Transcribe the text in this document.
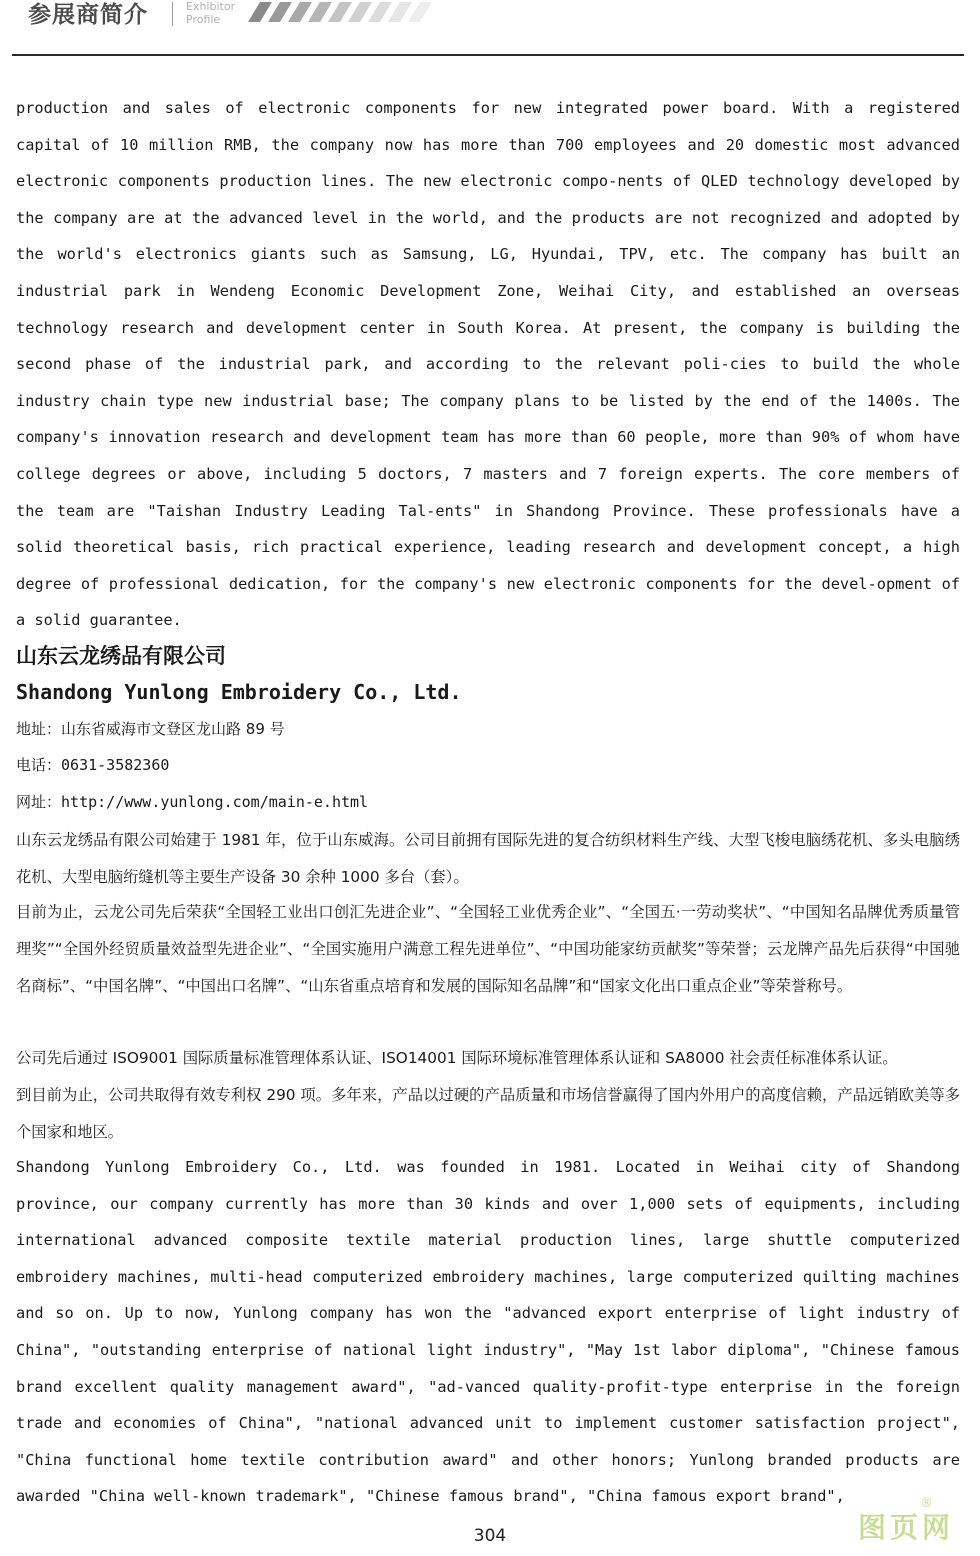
参展商简介	Exhibitor
Profile

production and sales of electronic components for new integrated power board. With a registered capital of 10 million RMB, the company now has more than 700 employees and 20 domestic most advanced electronic components production lines. The new electronic compo-nents of QLED technology developed by the company are at the advanced level in the world, and the products are not recognized and adopted by the world's electronics giants such as Samsung, LG, Hyundai, TPV, etc. The company has built an industrial park in Wendeng Economic Development Zone, Weihai City, and established an overseas technology research and development center in South Korea. At present, the company is building the second phase of the industrial park, and according to the relevant poli-cies to build the whole industry chain type new industrial base; The company plans to be listed by the end of the 1400s. The company's innovation research and development team has more than 60 people, more than 90% of whom have college degrees or above, including 5 doctors, 7 masters and 7 foreign experts. The core members of the team are "Taishan Industry Leading Tal-ents" in Shandong Province. These professionals have a solid theoretical basis, rich practical experience, leading research and development concept, a high degree of professional dedication, for the company's new electronic components for the devel-opment of a solid guarantee.

山东云龙绣品有限公司
Shandong Yunlong Embroidery Co., Ltd.

地址：山东省威海市文登区龙山路 89 号

电话：0631-3582360

网址：http://www.yunlong.com/main-e.html

山东云龙绣品有限公司始建于 1981 年，位于山东威海。公司目前拥有国际先进的复合纺织材料生产线、大型飞梭电脑绣花机、多头电脑绣花机、大型电脑绗缝机等主要生产设备 30 余种 1000 多台（套）。

目前为止，云龙公司先后荣获“全国轻工业出口创汇先进企业”、“全国轻工业优秀企业”、“全国五·一劳动奖状”、“中国知名品牌优秀质量管理奖”“全国外经贸质量效益型先进企业”、“全国实施用户满意工程先进单位”、“中国功能家纺贡献奖”等荣誉；云龙牌产品先后获得“中国驰名商标”、“中国名牌”、“中国出口名牌”、“山东省重点培育和发展的国际知名品牌”和“国家文化出口重点企业”等荣誉称号。

公司先后通过 ISO9001 国际质量标准管理体系认证、ISO14001 国际环境标准管理体系认证和 SA8000 社会责任标准体系认证。

到目前为止，公司共取得有效专利权 290 项。多年来，产品以过硬的产品质量和市场信誉赢得了国内外用户的高度信赖，产品远销欧美等多个国家和地区。

Shandong Yunlong Embroidery Co., Ltd. was founded in 1981. Located in Weihai city of Shandong province, our company currently has more than 30 kinds and over 1,000 sets of equipments, including international advanced composite textile material production lines, large shuttle computerized embroidery machines, multi-head computerized embroidery machines, large computerized quilting machines and so on. Up to now, Yunlong company has won the "advanced export enterprise of light industry of China", "outstanding enterprise of national light industry", "May 1st labor diploma", "Chinese famous brand excellent quality management award", "ad-vanced quality-profit-type enterprise in the foreign trade and economies of China", "national advanced unit to implement customer satisfaction project", "China functional home textile contribution award" and other honors; Yunlong branded products are awarded "China well-known trademark", "Chinese famous brand", "China famous export brand",

304	图页网
®
